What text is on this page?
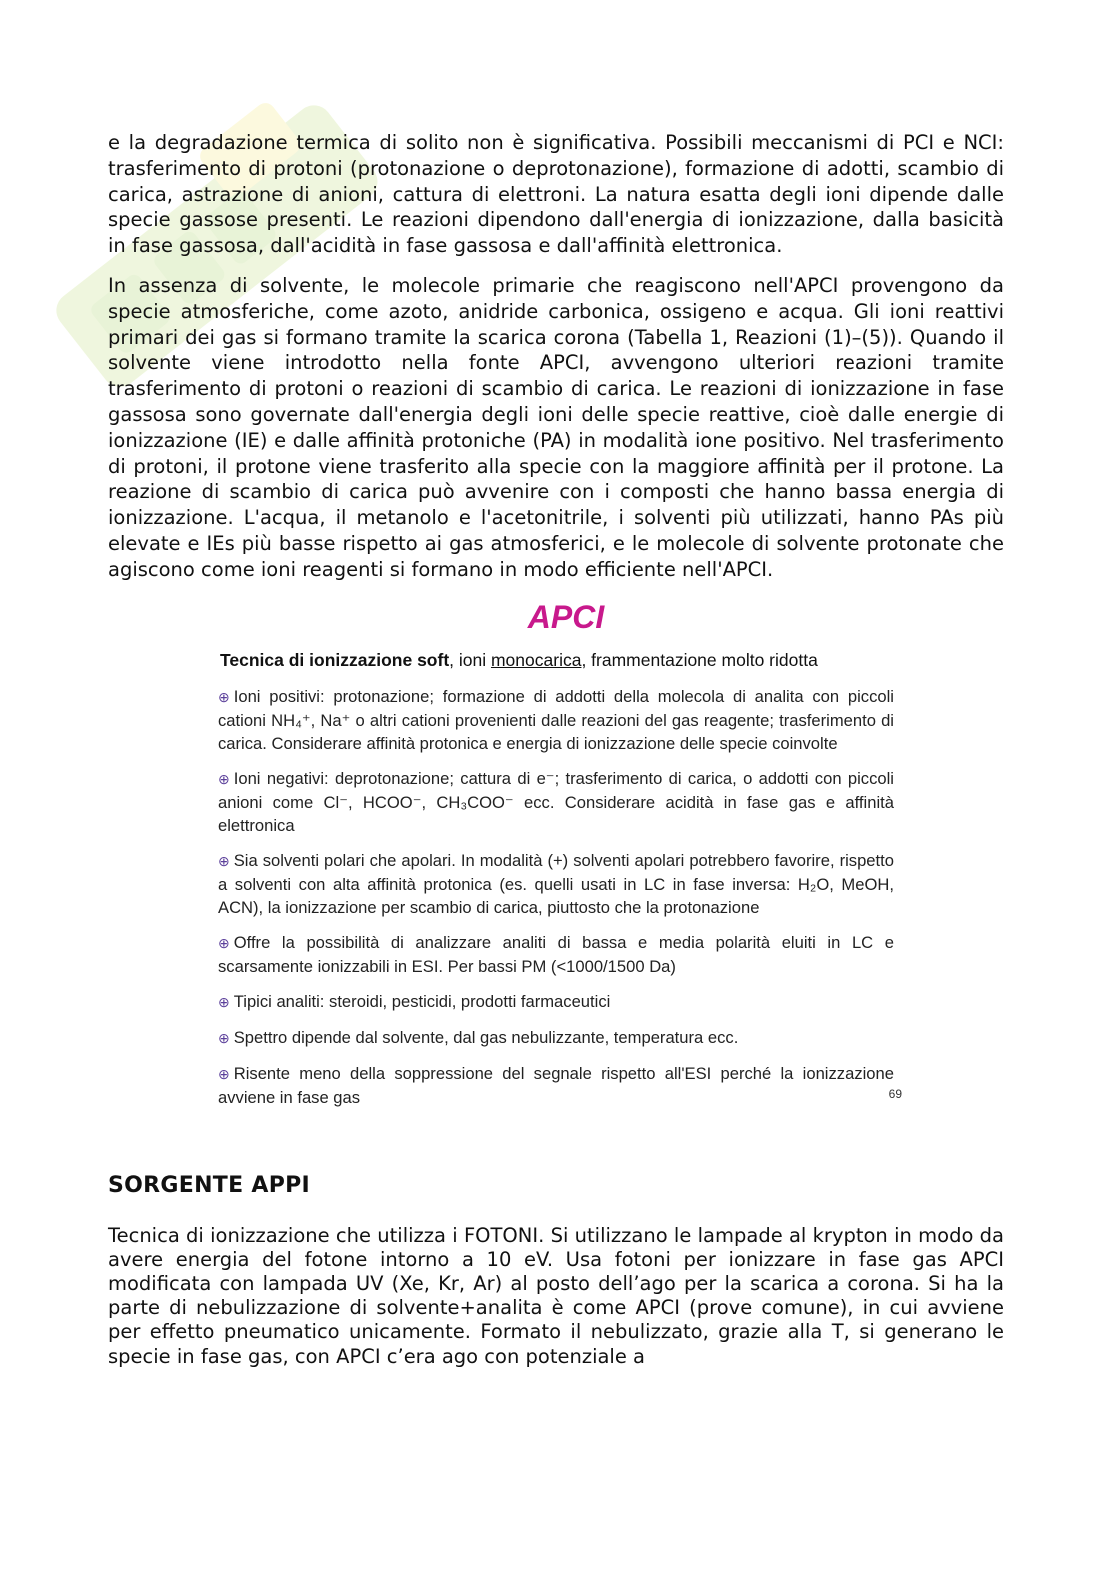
e la degradazione termica di solito non è significativa. Possibili meccanismi di PCI e NCI: trasferimento di protoni (protonazione o deprotonazione), formazione di adotti, scambio di carica, astrazione di anioni, cattura di elettroni. La natura esatta degli ioni dipende dalle specie gassose presenti. Le reazioni dipendono dall'energia di ionizzazione, dalla basicità in fase gassosa, dall'acidità in fase gassosa e dall'affinità elettronica.

In assenza di solvente, le molecole primarie che reagiscono nell'APCI provengono da specie atmosferiche, come azoto, anidride carbonica, ossigeno e acqua. Gli ioni reattivi primari dei gas si formano tramite la scarica corona (Tabella 1, Reazioni (1)–(5)). Quando il solvente viene introdotto nella fonte APCI, avvengono ulteriori reazioni tramite trasferimento di protoni o reazioni di scambio di carica. Le reazioni di ionizzazione in fase gassosa sono governate dall'energia degli ioni delle specie reattive, cioè dalle energie di ionizzazione (IE) e dalle affinità protoniche (PA) in modalità ione positivo. Nel trasferimento di protoni, il protone viene trasferito alla specie con la maggiore affinità per il protone. La reazione di scambio di carica può avvenire con i composti che hanno bassa energia di ionizzazione. L'acqua, il metanolo e l'acetonitrile, i solventi più utilizzati, hanno PAs più elevate e IEs più basse rispetto ai gas atmosferici, e le molecole di solvente protonate che agiscono come ioni reagenti si formano in modo efficiente nell'APCI.

APCI
Tecnica di ionizzazione soft, ioni monocarica, frammentazione molto ridotta
⊕ Ioni positivi: protonazione; formazione di addotti della molecola di analita con piccoli cationi NH₄⁺, Na⁺ o altri cationi provenienti dalle reazioni del gas reagente; trasferimento di carica. Considerare affinità protonica e energia di ionizzazione delle specie coinvolte
⊕ Ioni negativi: deprotonazione; cattura di e⁻; trasferimento di carica, o addotti con piccoli anioni come Cl⁻, HCOO⁻, CH₃COO⁻ ecc. Considerare acidità in fase gas e affinità elettronica
⊕ Sia solventi polari che apolari. In modalità (+) solventi apolari potrebbero favorire, rispetto a solventi con alta affinità protonica (es. quelli usati in LC in fase inversa: H₂O, MeOH, ACN), la ionizzazione per scambio di carica, piuttosto che la protonazione
⊕ Offre la possibilità di analizzare analiti di bassa e media polarità eluiti in LC e scarsamente ionizzabili in ESI. Per bassi PM (<1000/1500 Da)
⊕ Tipici analiti: steroidi, pesticidi, prodotti farmaceutici
⊕ Spettro dipende dal solvente, dal gas nebulizzante, temperatura ecc.
⊕ Risente meno della soppressione del segnale rispetto all'ESI perché la ionizzazione avviene in fase gas	69
SORGENTE APPI

Tecnica di ionizzazione che utilizza i FOTONI. Si utilizzano le lampade al krypton in modo da avere energia del fotone intorno a 10 eV. Usa fotoni per ionizzare in fase gas APCI modificata con lampada UV (Xe, Kr, Ar) al posto dell’ago per la scarica a corona. Si ha la parte di nebulizzazione di solvente+analita è come APCI (prove comune), in cui avviene per effetto pneumatico unicamente. Formato il nebulizzato, grazie alla T, si generano le specie in fase gas, con APCI c’era ago con potenziale a
